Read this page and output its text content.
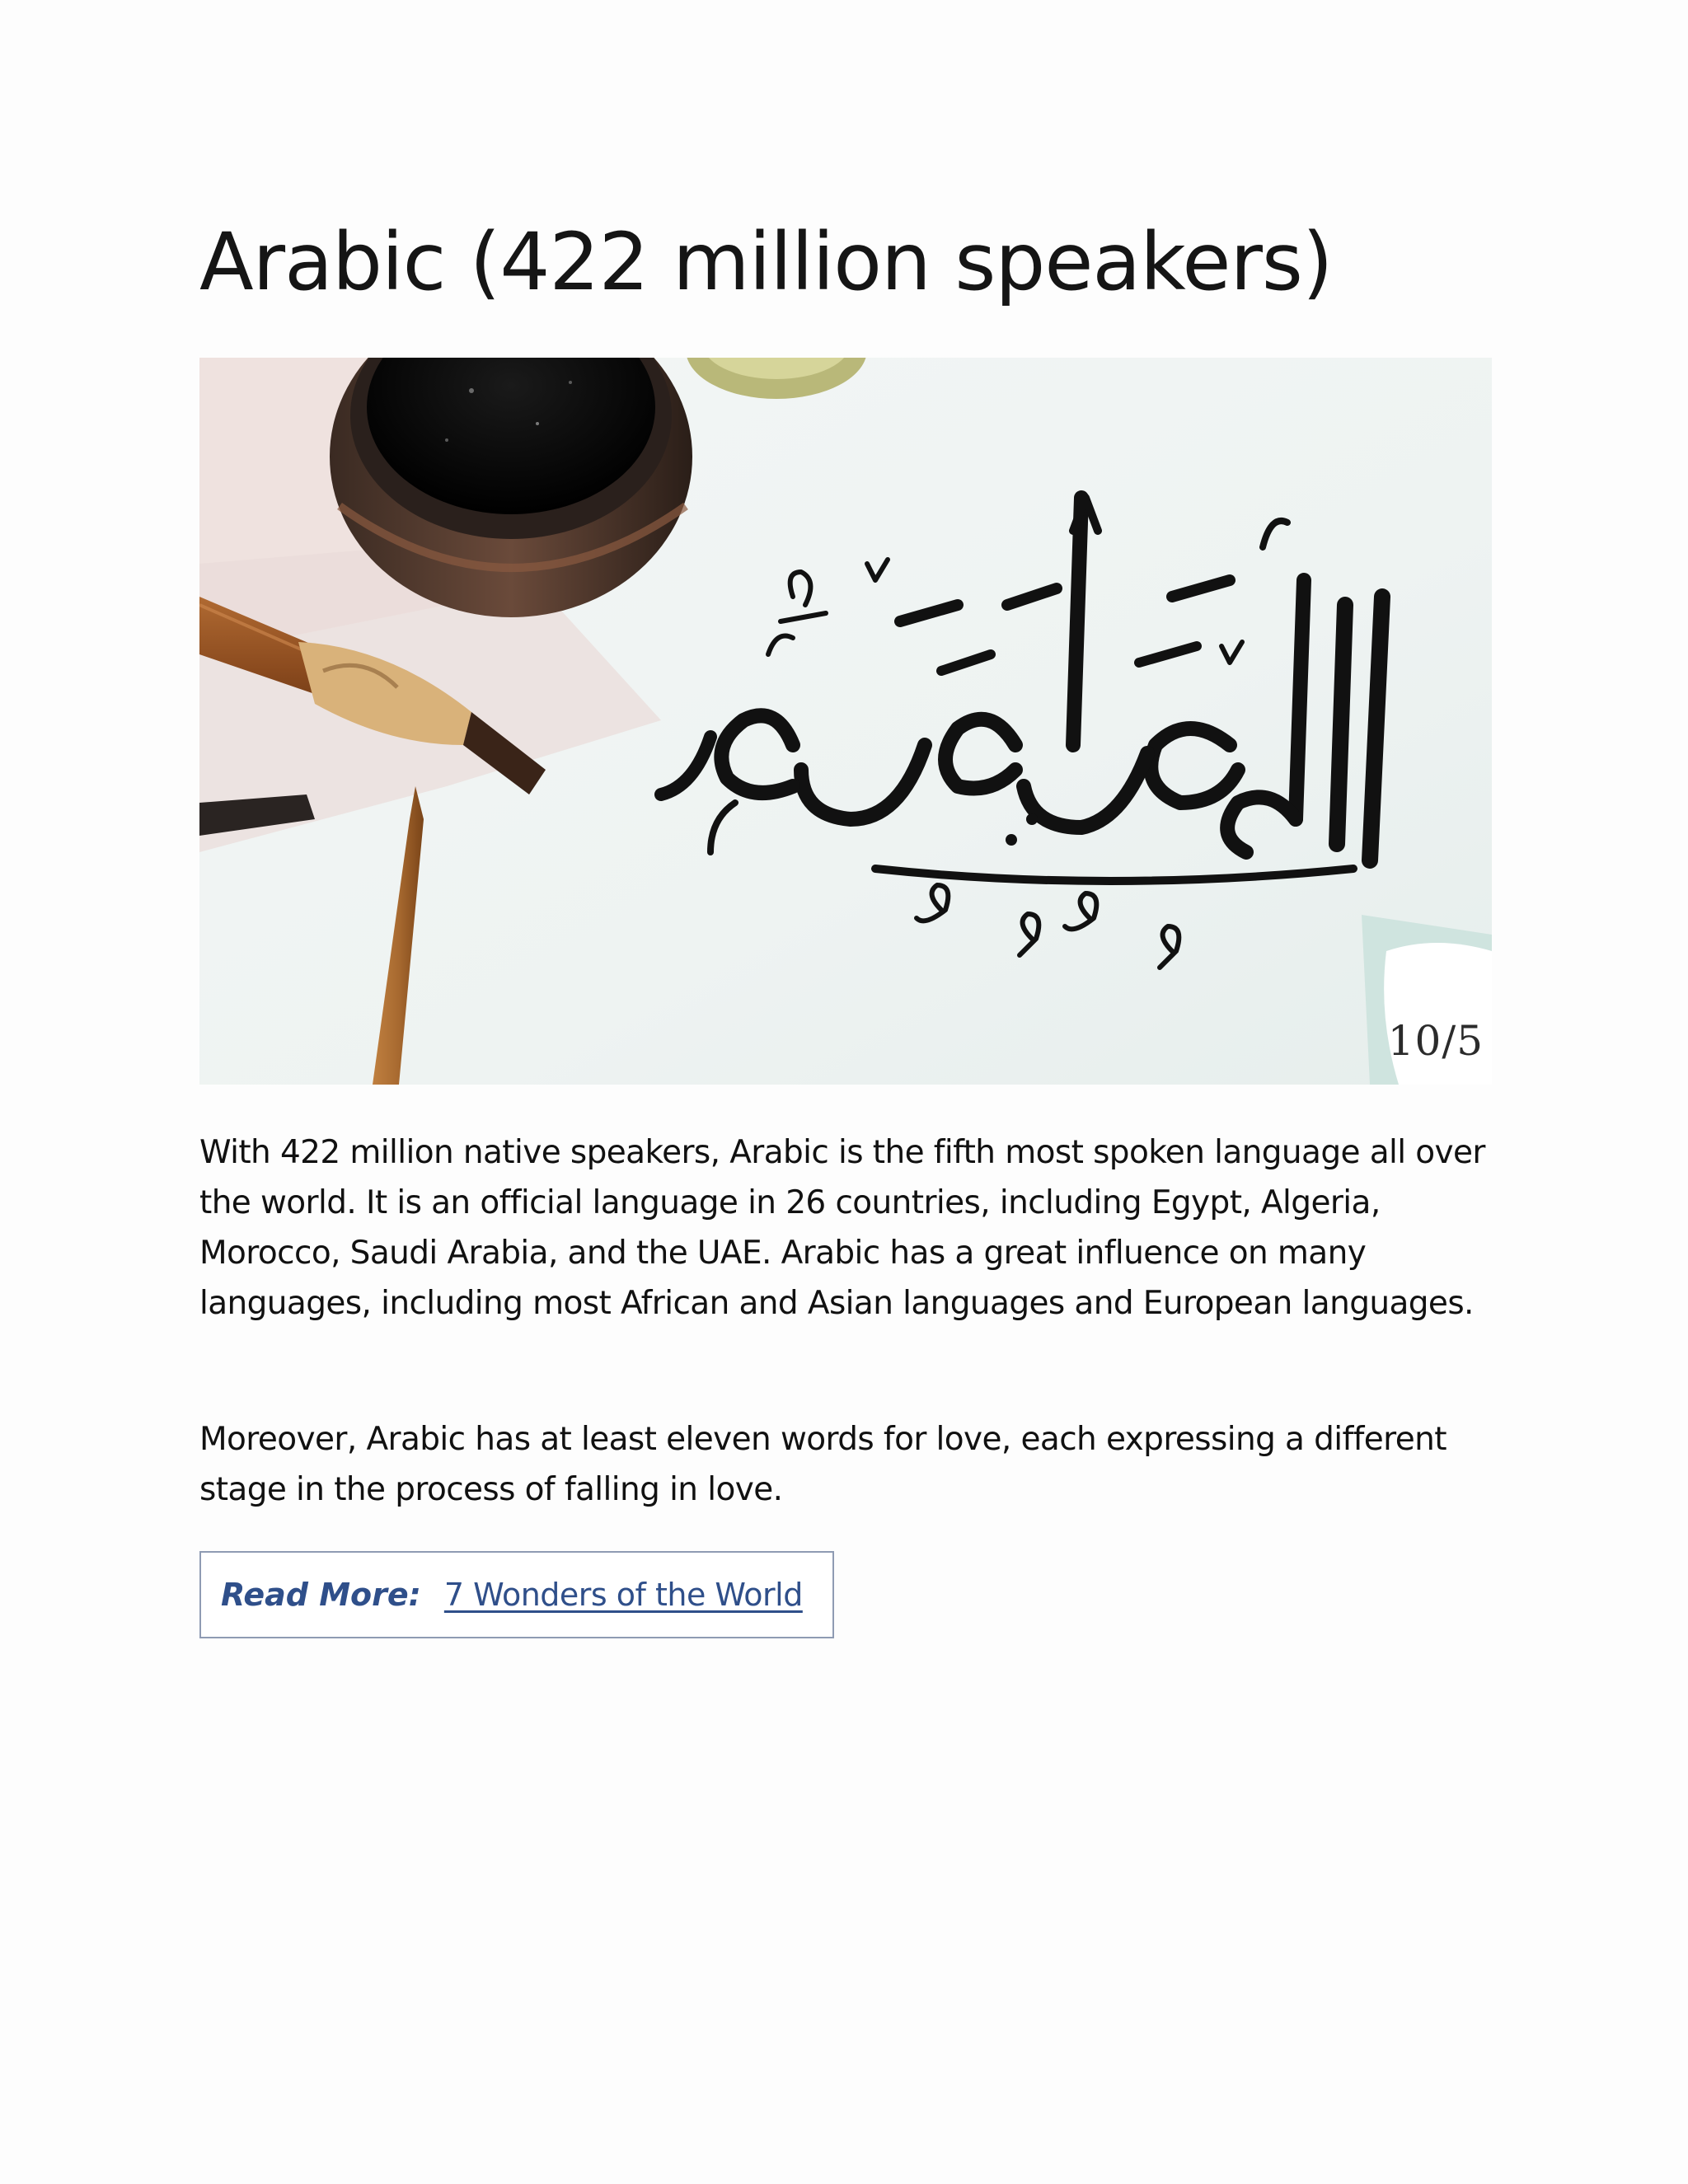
Arabic (422 million speakers)
10/5

With 422 million native speakers, Arabic is the fifth most spoken language all over the world. It is an official language in 26 countries, including Egypt, Algeria, Morocco, Saudi Arabia, and the UAE. Arabic has a great influence on many languages, including most African and Asian languages and European languages.

Moreover, Arabic has at least eleven words for love, each expressing a different stage in the process of falling in love.

Read More: 7 Wonders of the World
